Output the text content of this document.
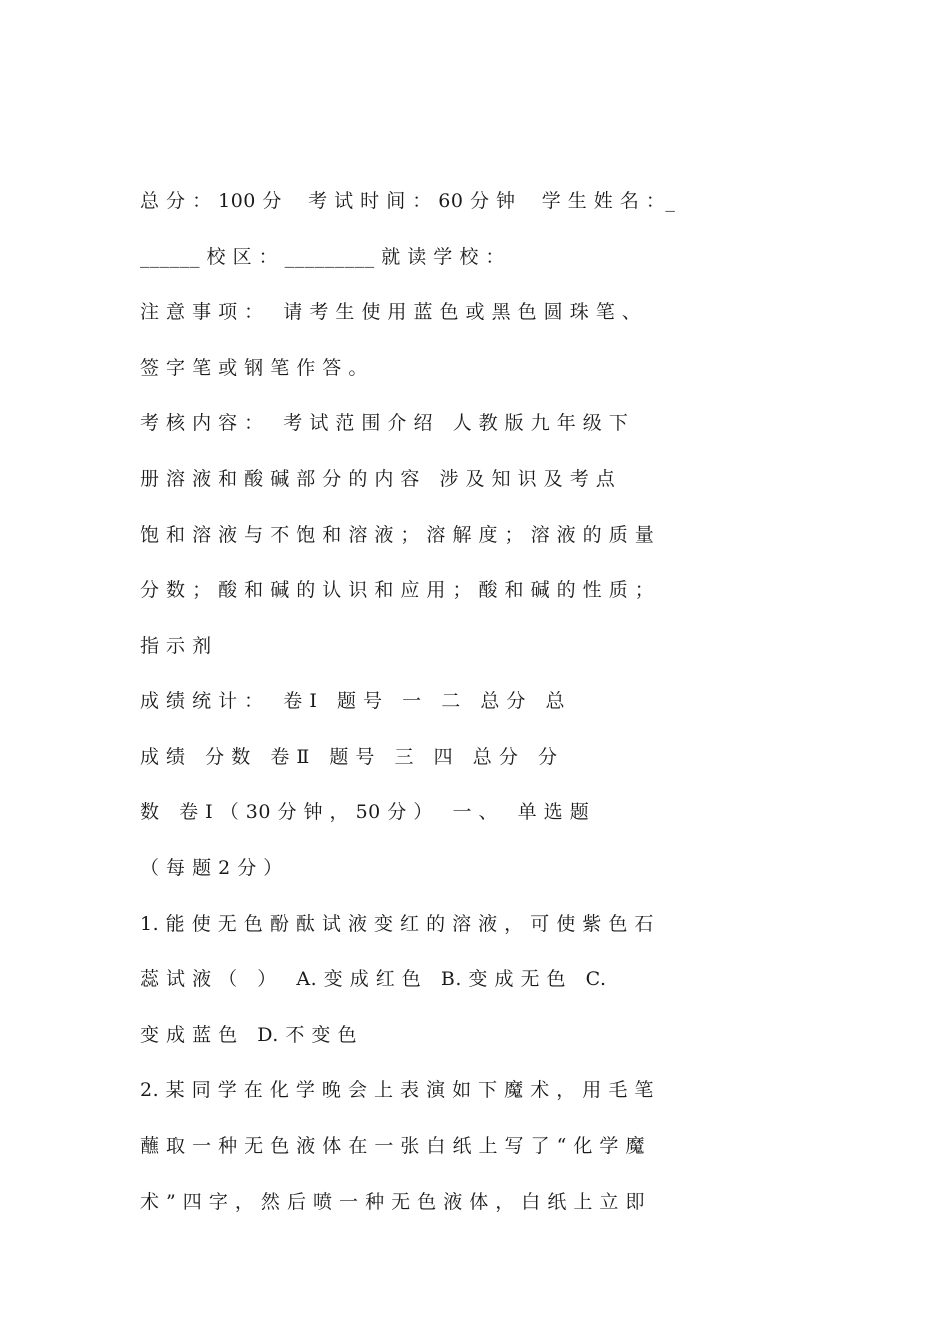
总 分 ： 100 分    考 试 时 间 ： 60 分 钟    学 生 姓 名 ：_
______ 校 区 ： _________ 就 读 学 校 ：
注 意 事 项 ：   请 考 生 使 用 蓝 色 或 黑 色 圆 珠 笔 、
签 字 笔 或 钢 笔 作 答 。
考 核 内 容 ：   考 试 范 围 介 绍   人 教 版 九 年 级 下
册 溶 液 和 酸 碱 部 分 的 内 容   涉 及 知 识 及 考 点
饱 和 溶 液 与 不 饱 和 溶 液 ； 溶 解 度 ； 溶 液 的 质 量
分 数 ； 酸 和 碱 的 认 识 和 应 用 ； 酸 和 碱 的 性 质 ；
指 示 剂
成 绩 统 计 ：   卷 Ⅰ   题 号   一   二   总 分   总
成 绩   分 数   卷 Ⅱ   题 号   三   四   总 分   分
数   卷 Ⅰ （ 30 分 钟 ， 50 分 ）   一 、   单 选 题
（ 每 题 2 分 ）
1. 能 使 无 色 酚 酞 试 液 变 红 的 溶 液 ， 可 使 紫 色 石
蕊 试 液 （   ）   A. 变 成 红 色   B. 变 成 无 色   C.
变 成 蓝 色   D. 不 变 色
2. 某 同 学 在 化 学 晚 会 上 表 演 如 下 魔 术 ， 用 毛 笔
蘸 取 一 种 无 色 液 体 在 一 张 白 纸 上 写 了 “ 化 学 魔
术 ” 四 字 ， 然 后 喷 一 种 无 色 液 体 ， 白 纸 上 立 即
